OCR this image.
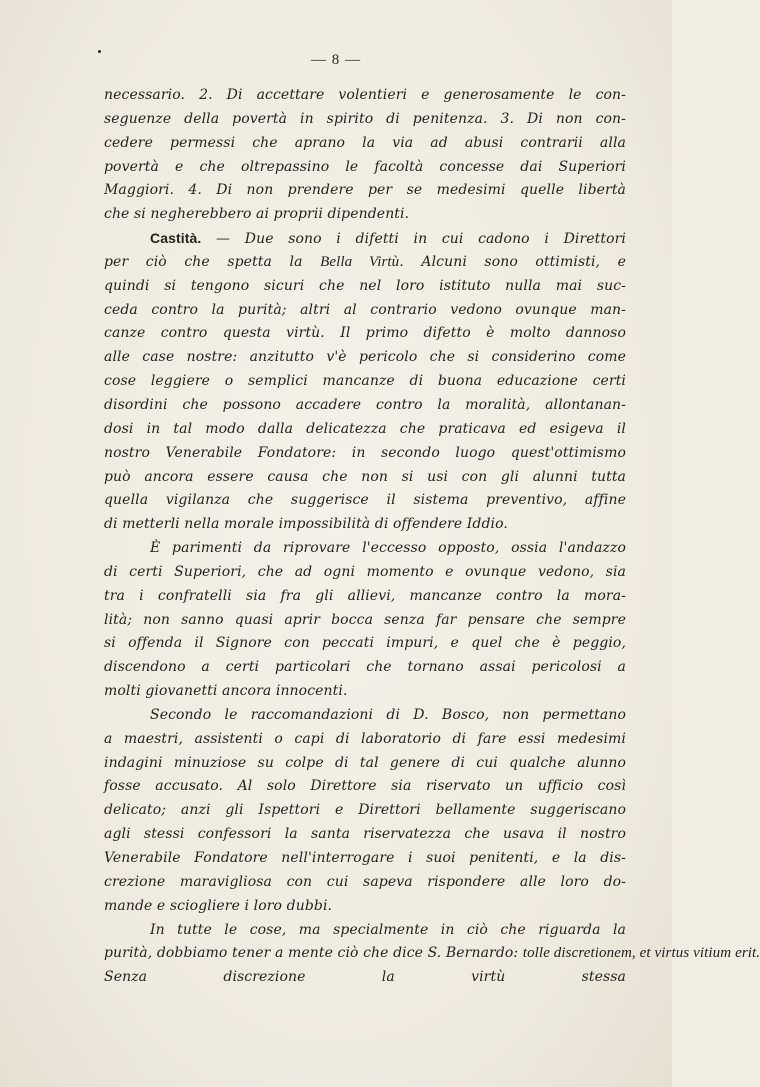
— 8 —
necessario. 2. Di accettare volentieri e generosamente le con-
seguenze della povertà in spirito di penitenza. 3. Di non con-
cedere permessi che aprano la via ad abusi contrarii alla
povertà e che oltrepassino le facoltà concesse dai Superiori
Maggiori. 4. Di non prendere per se medesimi quelle libertà
che si negherebbero ai proprii dipendenti.
Castità. — Due sono i difetti in cui cadono i Direttori
per ciò che spetta la Bella Virtù. Alcuni sono ottimisti, e
quindi si tengono sicuri che nel loro istituto nulla mai suc-
ceda contro la purità; altri al contrario vedono ovunque man-
canze contro questa virtù. Il primo difetto è molto dannoso
alle case nostre: anzitutto v'è pericolo che si considerino come
cose leggiere o semplici mancanze di buona educazione certi
disordini che possono accadere contro la moralità, allontanan-
dosi in tal modo dalla delicatezza che praticava ed esigeva il
nostro Venerabile Fondatore: in secondo luogo quest'ottimismo
può ancora essere causa che non si usi con gli alunni tutta
quella vigilanza che suggerisce il sistema preventivo, affine
di metterli nella morale impossibilità di offendere Iddio.
È parimenti da riprovare l'eccesso opposto, ossia l'andazzo
di certi Superiori, che ad ogni momento e ovunque vedono, sia
tra i confratelli sia fra gli allievi, mancanze contro la mora-
lità; non sanno quasi aprir bocca senza far pensare che sempre
si offenda il Signore con peccati impuri, e quel che è peggio,
discendono a certi particolari che tornano assai pericolosi a
molti giovanetti ancora innocenti.
Secondo le raccomandazioni di D. Bosco, non permettano
a maestri, assistenti o capi di laboratorio di fare essi medesimi
indagini minuziose su colpe di tal genere di cui qualche alunno
fosse accusato. Al solo Direttore sia riservato un ufficio così
delicato; anzi gli Ispettori e Direttori bellamente suggeriscano
agli stessi confessori la santa riservatezza che usava il nostro
Venerabile Fondatore nell'interrogare i suoi penitenti, e la dis-
crezione maravigliosa con cui sapeva rispondere alle loro do-
mande e sciogliere i loro dubbi.
In tutte le cose, ma specialmente in ciò che riguarda la
purità, dobbiamo tener a mente ciò che dice S. Bernardo: tolle discretionem, et virtus vitium erit.
Senza discrezione la virtù stessa
